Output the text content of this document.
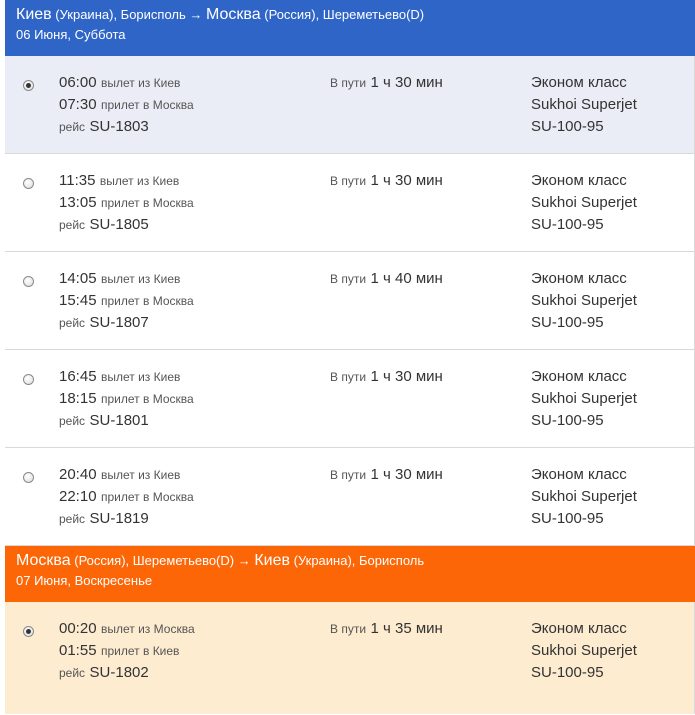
Киев (Украина), Борисполь → Москва (Россия), Шереметьево(D)
06 Июня, Суббота
06:00 вылет из Киев
07:30 прилет в Москва
рейс SU-1803
В пути 1 ч 30 мин	Эконом класс
Sukhoi Superjet
SU-100-95
11:35 вылет из Киев
13:05 прилет в Москва
рейс SU-1805
В пути 1 ч 30 мин	Эконом класс
Sukhoi Superjet
SU-100-95
14:05 вылет из Киев
15:45 прилет в Москва
рейс SU-1807
В пути 1 ч 40 мин	Эконом класс
Sukhoi Superjet
SU-100-95
16:45 вылет из Киев
18:15 прилет в Москва
рейс SU-1801
В пути 1 ч 30 мин	Эконом класс
Sukhoi Superjet
SU-100-95
20:40 вылет из Киев
22:10 прилет в Москва
рейс SU-1819
В пути 1 ч 30 мин	Эконом класс
Sukhoi Superjet
SU-100-95
Москва (Россия), Шереметьево(D) → Киев (Украина), Борисполь
07 Июня, Воскресенье
00:20 вылет из Москва
01:55 прилет в Киев
рейс SU-1802
В пути 1 ч 35 мин	Эконом класс
Sukhoi Superjet
SU-100-95
